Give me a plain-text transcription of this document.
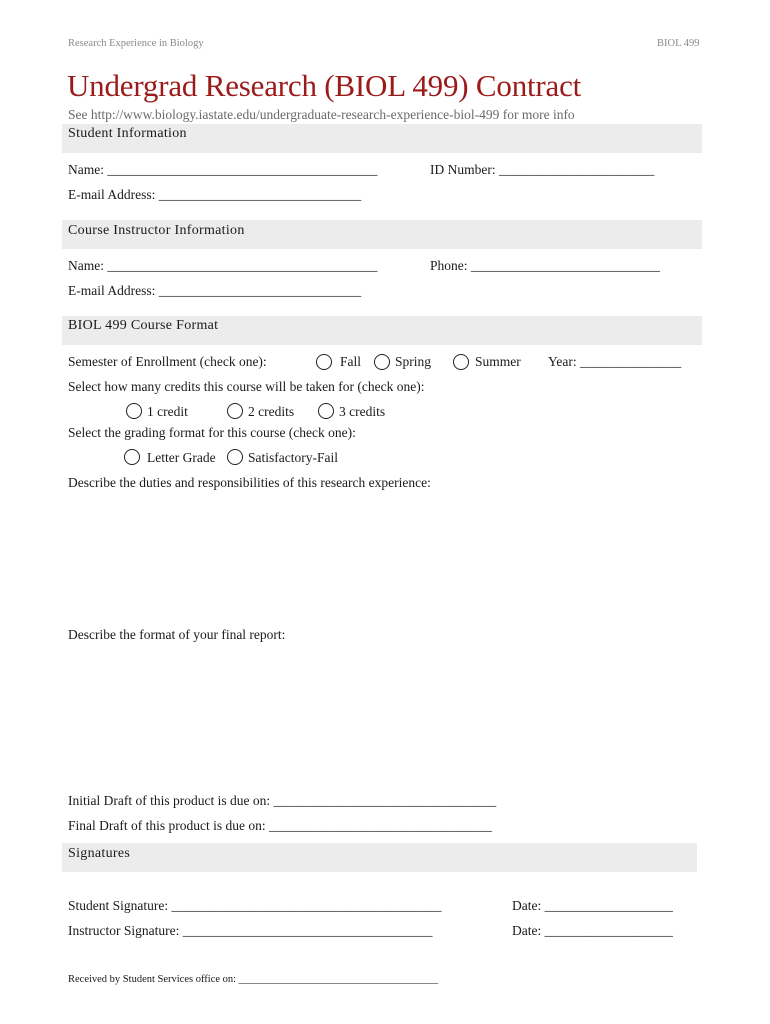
Research Experience in Biology	BIOL 499
Undergrad Research (BIOL 499) Contract
See http://www.biology.iastate.edu/undergraduate-research-experience-biol-499 for more info
Student Information
Name: ________________________________________	ID Number: _______________________
E-mail Address: ______________________________
Course Instructor Information
Name: ________________________________________	Phone: ____________________________
E-mail Address: ______________________________
BIOL 499 Course Format
Semester of Enrollment (check one):	Fall	Spring	Summer Year: _______________
Select how many credits this course will be taken for (check one):
1 credit	2 credits	3 credits
Select the grading format for this course (check one):
Letter Grade Satisfactory-Fail
Describe the duties and responsibilities of this research experience:
Describe the format of your final report:
Initial Draft of this product is due on: _________________________________
Final Draft of this product is due on: _________________________________
Signatures
Student Signature: ________________________________________	Date: ___________________
Instructor Signature: _____________________________________	Date: ___________________
Received by Student Services office on: ______________________________________
